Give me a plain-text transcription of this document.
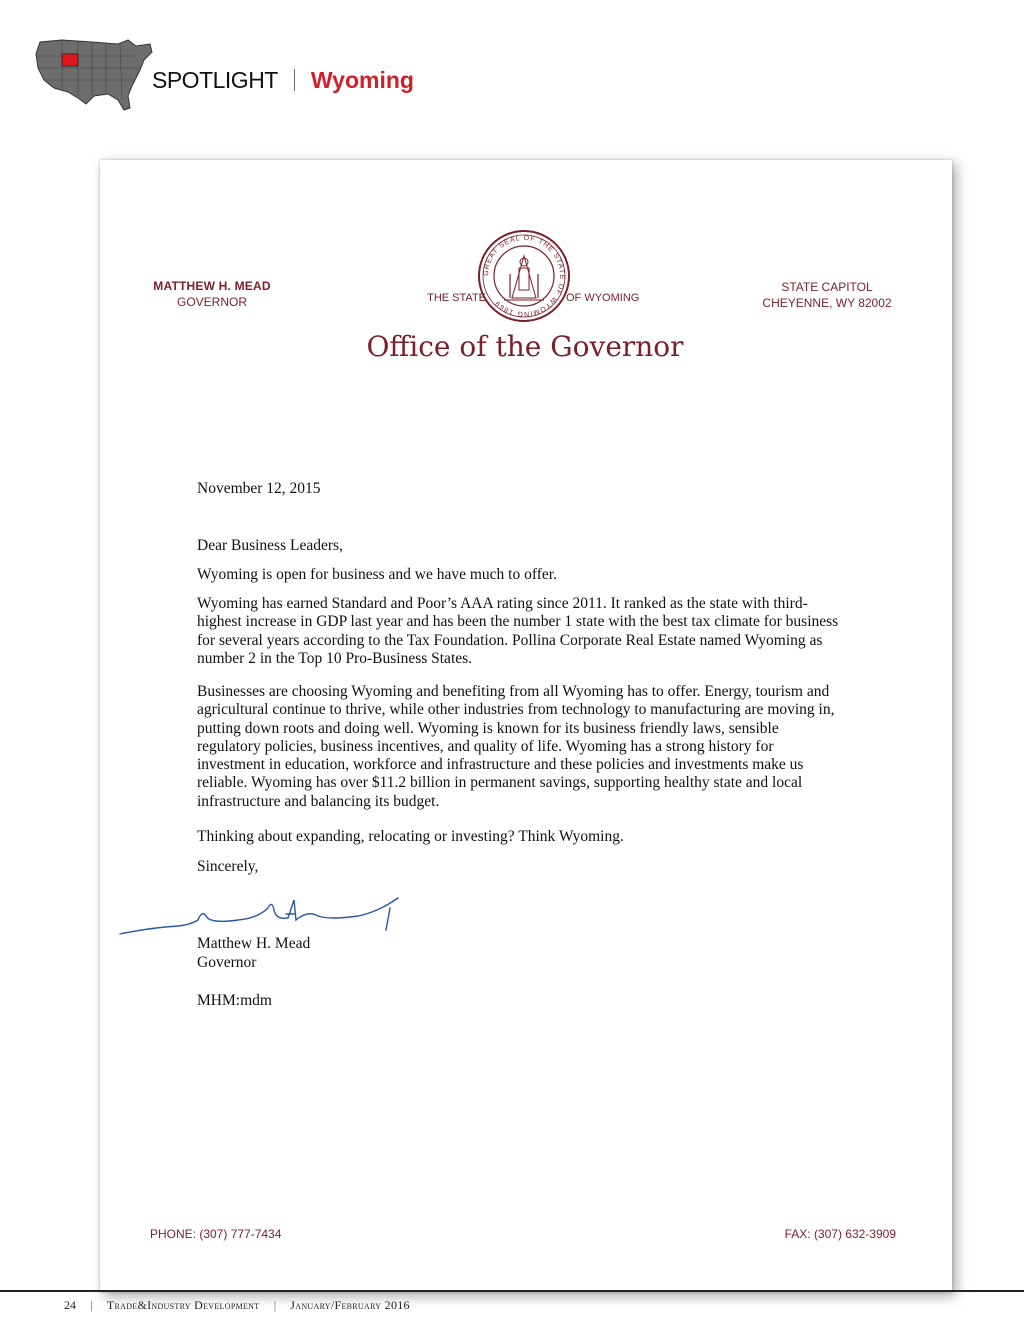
SPOTLIGHT Wyoming
MATTHEW H. MEAD
GOVERNOR	THE STATE	OF WYOMING
STATE CAPITOL
CHEYENNE, WY 82002
GREAT SEAL OF THE STATE OF WYOMING 1869
Office of the Governor
November 12, 2015
Dear Business Leaders,
Wyoming is open for business and we have much to offer.
Wyoming has earned Standard and Poor’s AAA rating since 2011. It ranked as the state with third-highest increase in GDP last year and has been the number 1 state with the best tax climate for business for several years according to the Tax Foundation. Pollina Corporate Real Estate named Wyoming as number 2 in the Top 10 Pro-Business States.
Businesses are choosing Wyoming and benefiting from all Wyoming has to offer. Energy, tourism and agricultural continue to thrive, while other industries from technology to manufacturing are moving in, putting down roots and doing well. Wyoming is known for its business friendly laws, sensible regulatory policies, business incentives, and quality of life. Wyoming has a strong history for investment in education, workforce and infrastructure and these policies and investments make us reliable. Wyoming has over $11.2 billion in permanent savings, supporting healthy state and local infrastructure and balancing its budget.
Thinking about expanding, relocating or investing? Think Wyoming.
Sincerely,
Matthew H. Mead
Governor
MHM:mdm
PHONE: (307) 777-7434	FAX: (307) 632-3909
24 | Trade&Industry Development | January/February 2016
